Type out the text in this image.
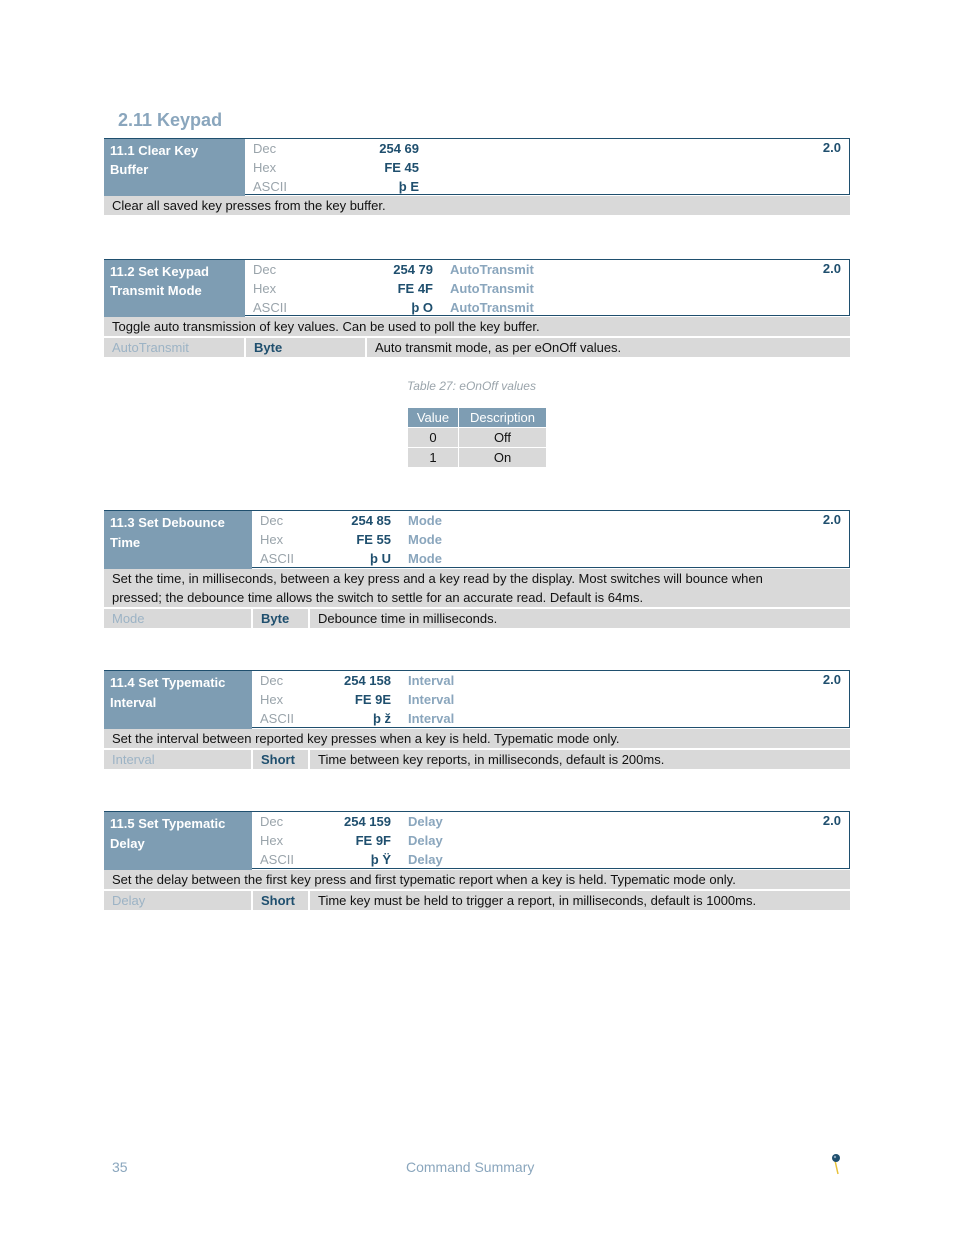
2.11 Keypad
11.1 Clear Key
Buffer
Dec	254 69
Hex	FE 45
ASCII	þ E
2.0
Clear all saved key presses from the key buffer.
11.2 Set Keypad
Transmit Mode
Dec	254 79 AutoTransmit
Hex	FE 4F AutoTransmit
ASCII	þ O AutoTransmit
2.0
Toggle auto transmission of key values. Can be used to poll the key buffer.
AutoTransmit	Byte	Auto transmit mode, as per eOnOff values.
Table 27: eOnOff values
Value	Description
0	Off
1	On
11.3 Set Debounce
Time
Dec	254 85 Mode
Hex	FE 55 Mode
ASCII	þ U Mode
2.0
Set the time, in milliseconds, between a key press and a key read by the display. Most switches will bounce when
pressed; the debounce time allows the switch to settle for an accurate read. Default is 64ms.
Mode	Byte	Debounce time in milliseconds.
11.4 Set Typematic
Interval
Dec	254 158 Interval
Hex	FE 9E Interval
ASCII	þ ž Interval
2.0
Set the interval between reported key presses when a key is held. Typematic mode only.
Interval	Short	Time between key reports, in milliseconds, default is 200ms.
11.5 Set Typematic
Delay
Dec	254 159 Delay
Hex	FE 9F Delay
ASCII	þ Ÿ Delay
2.0
Set the delay between the first key press and first typematic report when a key is held. Typematic mode only.
Delay	Short	Time key must be held to trigger a report, in milliseconds, default is 1000ms.
35	Command Summary
